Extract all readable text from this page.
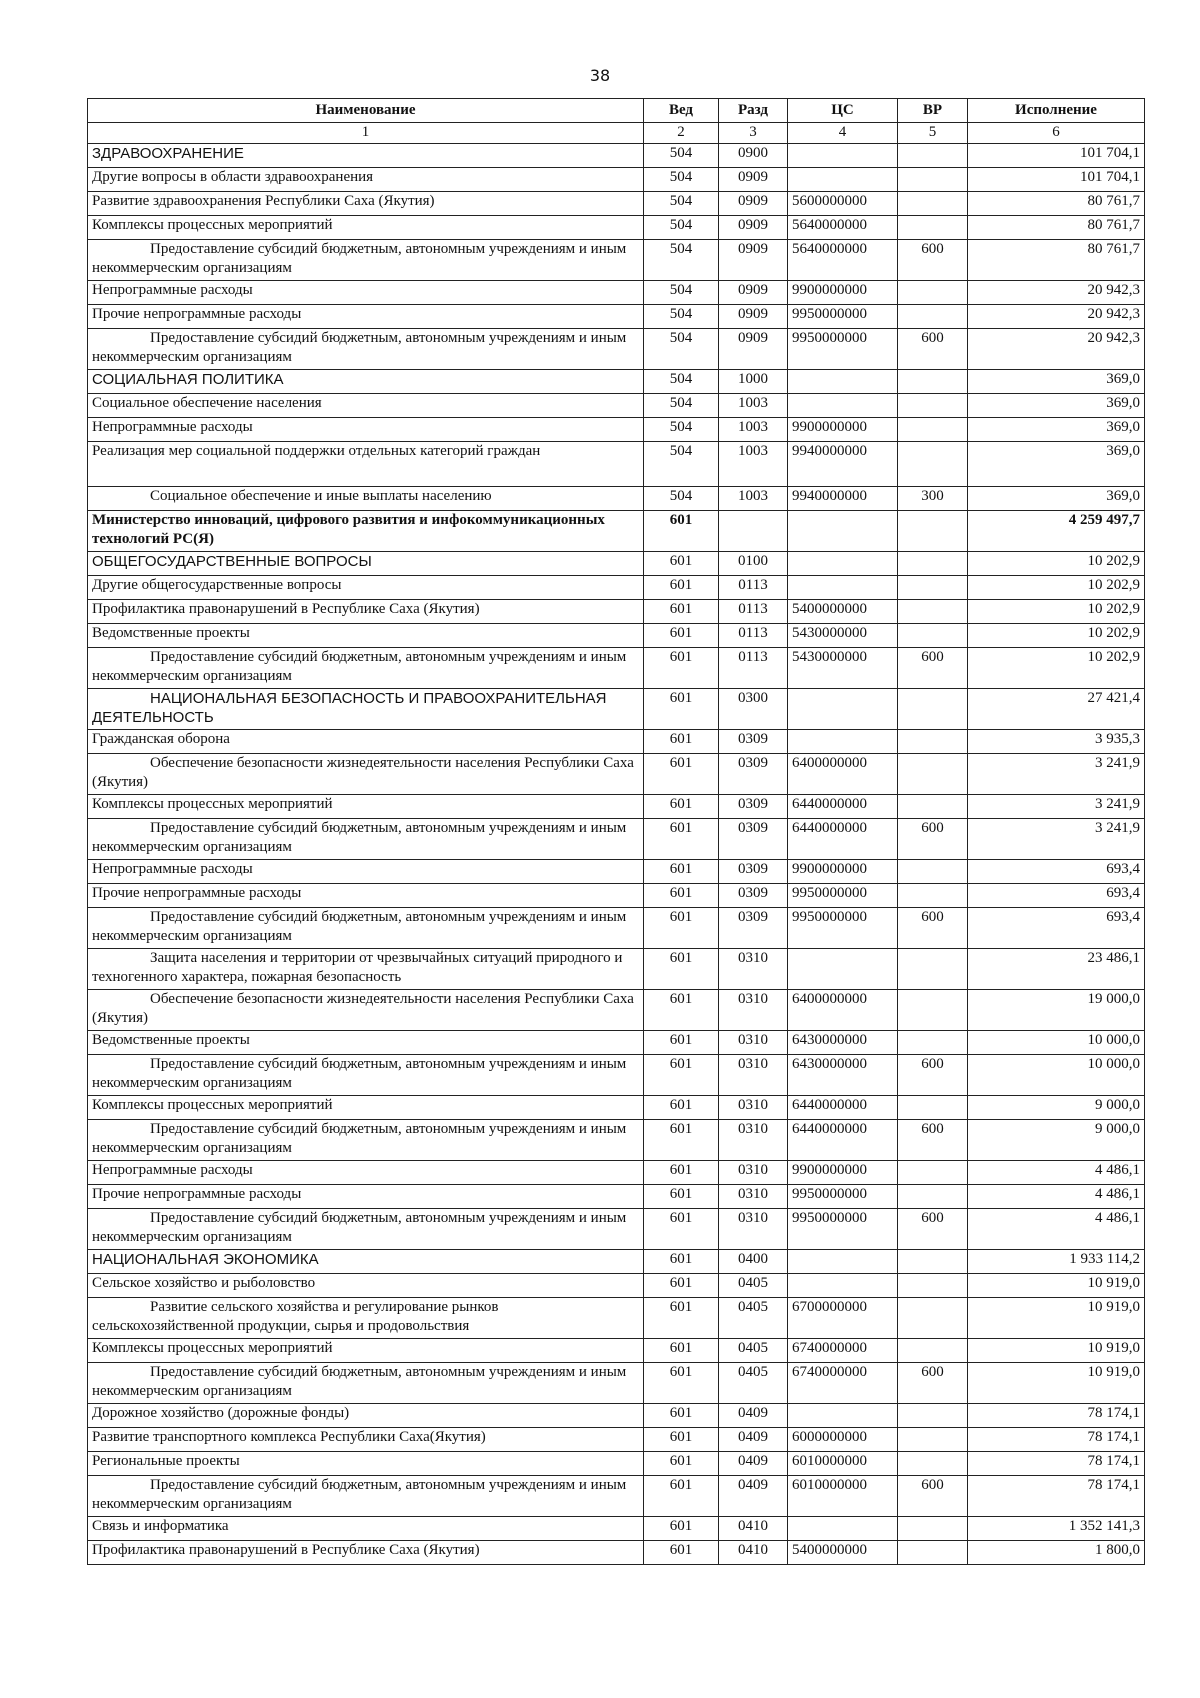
38
Наименование	Вед	Разд	ЦС	ВР	Исполнение
1	2	3	4	5	6
ЗДРАВООХРАНЕНИЕ	504	0900			101 704,1
Другие вопросы в области здравоохранения	504	0909			101 704,1
Развитие здравоохранения Республики Саха (Якутия)	504	0909	5600000000		80 761,7
Комплексы процессных мероприятий	504	0909	5640000000		80 761,7
Предоставление субсидий бюджетным, автономным учреждениям и иным некоммерческим организациям	504	0909	5640000000	600	80 761,7
Непрограммные расходы	504	0909	9900000000		20 942,3
Прочие непрограммные расходы	504	0909	9950000000		20 942,3
Предоставление субсидий бюджетным, автономным учреждениям и иным некоммерческим организациям	504	0909	9950000000	600	20 942,3
СОЦИАЛЬНАЯ ПОЛИТИКА	504	1000			369,0
Социальное обеспечение населения	504	1003			369,0
Непрограммные расходы	504	1003	9900000000		369,0
Реализация мер социальной поддержки отдельных категорий граждан	504	1003	9940000000		369,0
Социальное обеспечение и иные выплаты населению	504	1003	9940000000	300	369,0
Министерство инноваций, цифрового развития и инфокоммуникационных технологий РС(Я)	601				4 259 497,7
ОБЩЕГОСУДАРСТВЕННЫЕ ВОПРОСЫ	601	0100			10 202,9
Другие общегосударственные вопросы	601	0113			10 202,9
Профилактика правонарушений в Республике Саха (Якутия)	601	0113	5400000000		10 202,9
Ведомственные проекты	601	0113	5430000000		10 202,9
Предоставление субсидий бюджетным, автономным учреждениям и иным некоммерческим организациям	601	0113	5430000000	600	10 202,9
НАЦИОНАЛЬНАЯ БЕЗОПАСНОСТЬ И ПРАВООХРАНИТЕЛЬНАЯ ДЕЯТЕЛЬНОСТЬ	601	0300			27 421,4
Гражданская оборона	601	0309			3 935,3
Обеспечение безопасности жизнедеятельности населения Республики Саха (Якутия)	601	0309	6400000000		3 241,9
Комплексы процессных мероприятий	601	0309	6440000000		3 241,9
Предоставление субсидий бюджетным, автономным учреждениям и иным некоммерческим организациям	601	0309	6440000000	600	3 241,9
Непрограммные расходы	601	0309	9900000000		693,4
Прочие непрограммные расходы	601	0309	9950000000		693,4
Предоставление субсидий бюджетным, автономным учреждениям и иным некоммерческим организациям	601	0309	9950000000	600	693,4
Защита населения и территории от чрезвычайных ситуаций природного и техногенного характера, пожарная безопасность	601	0310			23 486,1
Обеспечение безопасности жизнедеятельности населения Республики Саха (Якутия)	601	0310	6400000000		19 000,0
Ведомственные проекты	601	0310	6430000000		10 000,0
Предоставление субсидий бюджетным, автономным учреждениям и иным некоммерческим организациям	601	0310	6430000000	600	10 000,0
Комплексы процессных мероприятий	601	0310	6440000000		9 000,0
Предоставление субсидий бюджетным, автономным учреждениям и иным некоммерческим организациям	601	0310	6440000000	600	9 000,0
Непрограммные расходы	601	0310	9900000000		4 486,1
Прочие непрограммные расходы	601	0310	9950000000		4 486,1
Предоставление субсидий бюджетным, автономным учреждениям и иным некоммерческим организациям	601	0310	9950000000	600	4 486,1
НАЦИОНАЛЬНАЯ ЭКОНОМИКА	601	0400			1 933 114,2
Сельское хозяйство и рыболовство	601	0405			10 919,0
Развитие сельского хозяйства и регулирование рынков сельскохозяйственной продукции, сырья и продовольствия	601	0405	6700000000		10 919,0
Комплексы процессных мероприятий	601	0405	6740000000		10 919,0
Предоставление субсидий бюджетным, автономным учреждениям и иным некоммерческим организациям	601	0405	6740000000	600	10 919,0
Дорожное хозяйство (дорожные фонды)	601	0409			78 174,1
Развитие транспортного комплекса Республики Саха(Якутия)	601	0409	6000000000		78 174,1
Региональные проекты	601	0409	6010000000		78 174,1
Предоставление субсидий бюджетным, автономным учреждениям и иным некоммерческим организациям	601	0409	6010000000	600	78 174,1
Связь и информатика	601	0410			1 352 141,3
Профилактика правонарушений в Республике Саха (Якутия)	601	0410	5400000000		1 800,0
